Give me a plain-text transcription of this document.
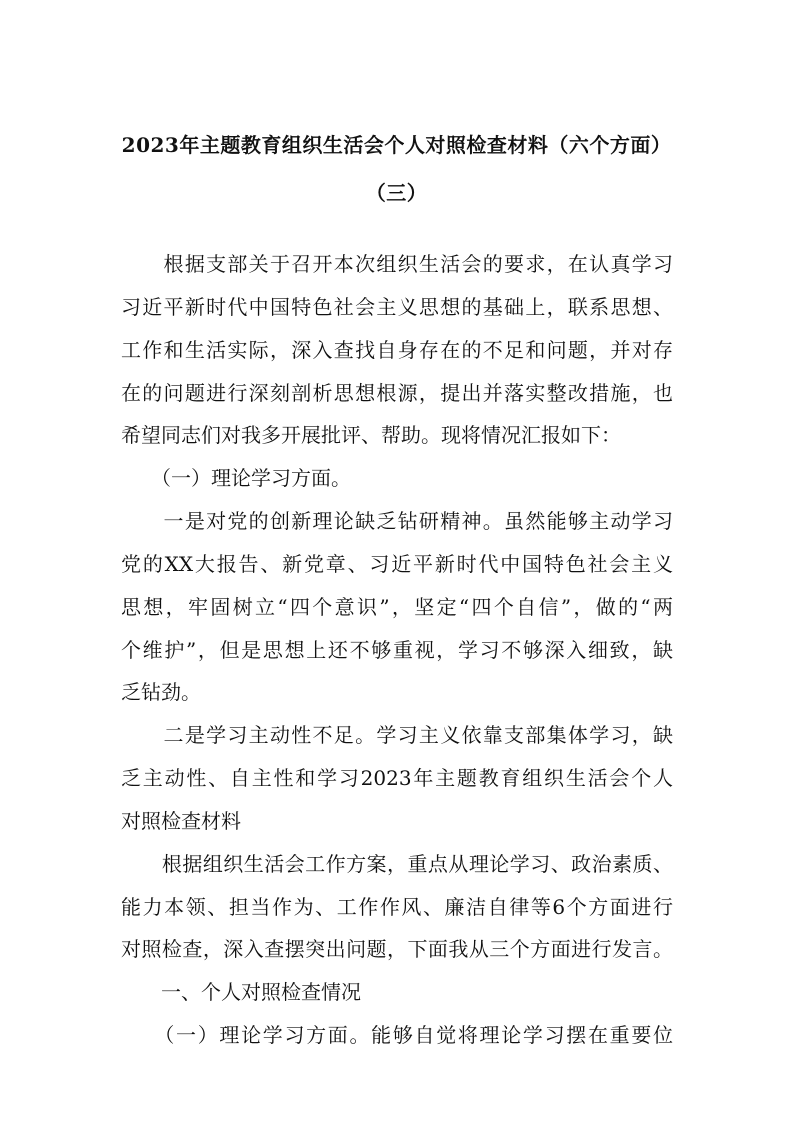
2023年主题教育组织生活会个人对照检查材料（六个方面）
（三）
　　根据支部关于召开本次组织生活会的要求，在认真学习
习近平新时代中国特色社会主义思想的基础上，联系思想、
工作和生活实际，深入查找自身存在的不足和问题，并对存
在的问题进行深刻剖析思想根源，提出并落实整改措施，也
希望同志们对我多开展批评、帮助。现将情况汇报如下：
　　（一）理论学习方面。
　　一是对党的创新理论缺乏钻研精神。虽然能够主动学习
党的XX大报告、新党章、习近平新时代中国特色社会主义
思想，牢固树立“四个意识”，坚定“四个自信”，做的“两
个维护”，但是思想上还不够重视，学习不够深入细致，缺
乏钻劲。
　　二是学习主动性不足。学习主义依靠支部集体学习，缺
乏主动性、自主性和学习2023年主题教育组织生活会个人
对照检查材料
　　根据组织生活会工作方案，重点从理论学习、政治素质、
能力本领、担当作为、工作作风、廉洁自律等6个方面进行
对照检查，深入查摆突出问题，下面我从三个方面进行发言。
　　一、个人对照检查情况
　　（一）理论学习方面。能够自觉将理论学习摆在重要位
